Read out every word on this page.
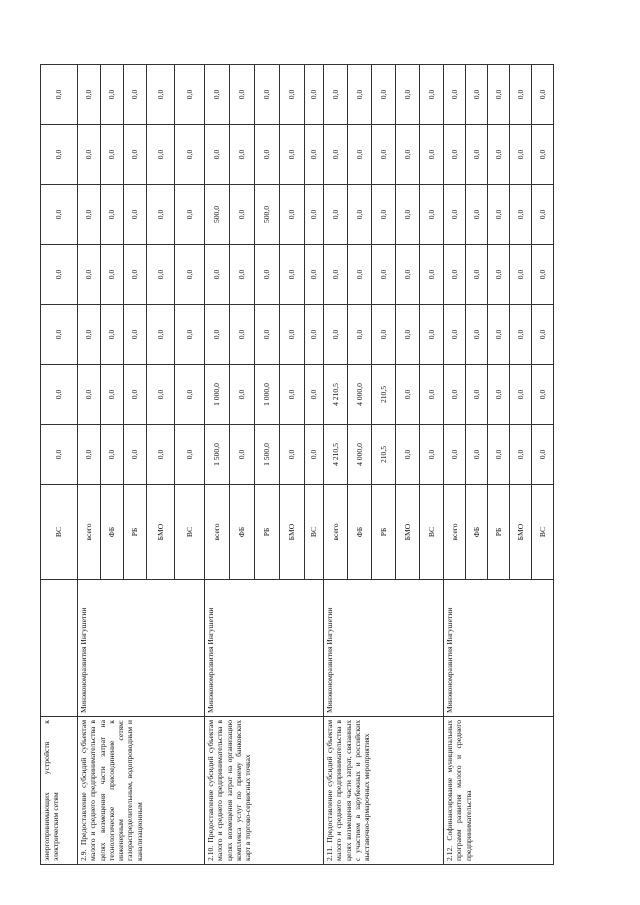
энергопринимающих устройств к электрическим сетям		ВС	0,0	0,0	0,0	0,0	0,0	0,0	0,0
2.9. Предоставление субсидий субъектам малого и среднего предпринимательства в целях возмещения части затрат на технологическое присоединение к инженерным сетям: газораспределительным, водопроводным и канализационным	Минэкономразвития Ингушетии	всего	0,0	0,0	0,0	0,0	0,0	0,0	0,0
		ФБ	0,0	0,0	0,0	0,0	0,0	0,0	0,0
		РБ	0,0	0,0	0,0	0,0	0,0	0,0	0,0
		БМО	0,0	0,0	0,0	0,0	0,0	0,0	0,0
		ВС	0,0	0,0	0,0	0,0	0,0	0,0	0,0
2.10. Предоставление субсидий субъектам малого и среднего предпринимательства в целях возмещения затрат на организацию комплекса услуг по приему банковских карт в торгово-сервисных точках	Минэкономразвития Ингушетии	всего	1 500,0	1 000,0	0,0	0,0	500,0	0,0	0,0
		ФБ	0,0	0,0	0,0	0,0	0,0	0,0	0,0
		РБ	1 500,0	1 000,0	0,0	0,0	500,0	0,0	0,0
		БМО	0,0	0,0	0,0	0,0	0,0	0,0	0,0
		ВС	0,0	0,0	0,0	0,0	0,0	0,0	0,0
2.11. Предоставление субсидий субъектам малого и среднего предпринимательства в целях возмещения части затрат, связанных с участием в зарубежных и российских выставочно-ярмарочных мероприятиях	Минэкономразвития Ингушетии	всего	4 210,5	4 210,5	0,0	0,0	0,0	0,0	0,0
		ФБ	4 000,0	4 000,0	0,0	0,0	0,0	0,0	0,0
		РБ	210,5	210,5	0,0	0,0	0,0	0,0	0,0
		БМО	0,0	0,0	0,0	0,0	0,0	0,0	0,0
		ВС	0,0	0,0	0,0	0,0	0,0	0,0	0,0
2.12. Софинансирование муниципальных программ развития малого и среднего предпринимательства	Минэкономразвития Ингушетии	всего	0,0	0,0	0,0	0,0	0,0	0,0	0,0
		ФБ	0,0	0,0	0,0	0,0	0,0	0,0	0,0
		РБ	0,0	0,0	0,0	0,0	0,0	0,0	0,0
		БМО	0,0	0,0	0,0	0,0	0,0	0,0	0,0
		ВС	0,0	0,0	0,0	0,0	0,0	0,0	0,0
